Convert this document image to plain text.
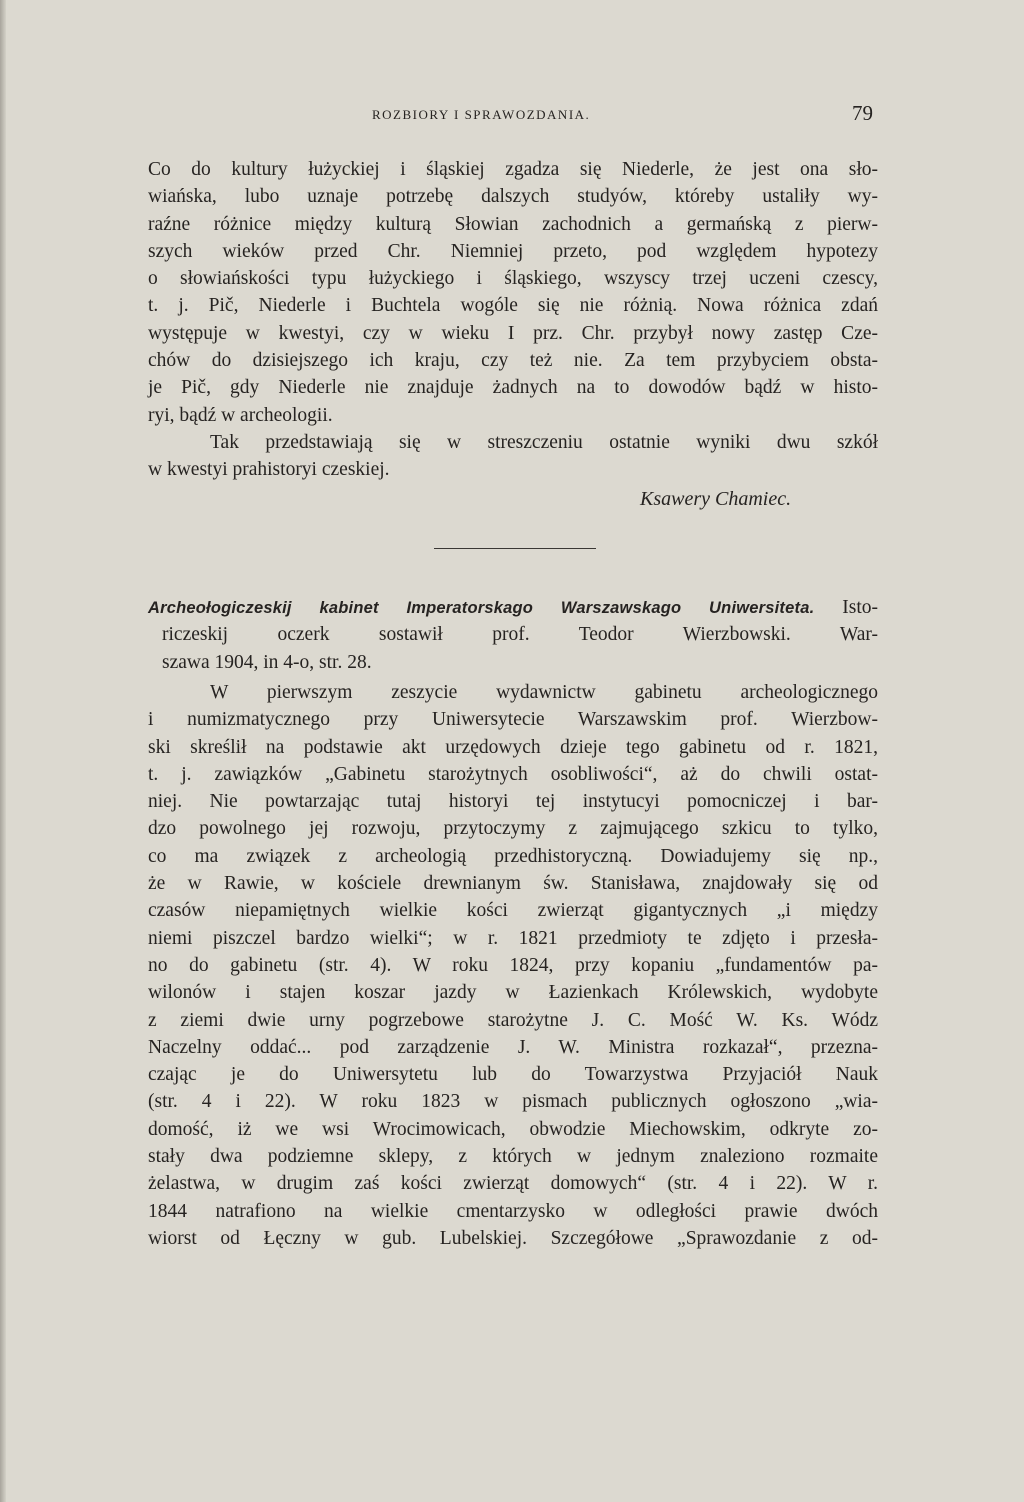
ROZBIORY I SPRAWOZDANIA.	79
Co do kultury łużyckiej i śląskiej zgadza się Niederle, że jest ona sło-
wiańska, lubo uznaje potrzebę dalszych studyów, któreby ustaliły wy-
raźne różnice między kulturą Słowian zachodnich a germańską z pierw-
szych wieków przed Chr. Niemniej przeto, pod względem hypotezy
o słowiańskości typu łużyckiego i śląskiego, wszyscy trzej uczeni czescy,
t. j. Pič, Niederle i Buchtela wogóle się nie różnią. Nowa różnica zdań
występuje w kwestyi, czy w wieku I prz. Chr. przybył nowy zastęp Cze-
chów do dzisiejszego ich kraju, czy też nie. Za tem przybyciem obsta-
je Pič, gdy Niederle nie znajduje żadnych na to dowodów bądź w histo-
ryi, bądź w archeologii.
Tak przedstawiają się w streszczeniu ostatnie wyniki dwu szkół
w kwestyi prahistoryi czeskiej.
Ksawery Chamiec.
Archeołogiczeskij kabinet Imperatorskago Warszawskago Uniwersiteta. Isto-
riczeskij oczerk sostawił prof. Teodor Wierzbowski. War-
szawa 1904, in 4-o, str. 28.
W pierwszym zeszycie wydawnictw gabinetu archeologicznego
i numizmatycznego przy Uniwersytecie Warszawskim prof. Wierzbow-
ski skreślił na podstawie akt urzędowych dzieje tego gabinetu od r. 1821,
t. j. zawiązków „Gabinetu starożytnych osobliwości“, aż do chwili ostat-
niej. Nie powtarzając tutaj historyi tej instytucyi pomocniczej i bar-
dzo powolnego jej rozwoju, przytoczymy z zajmującego szkicu to tylko,
co ma związek z archeologią przedhistoryczną. Dowiadujemy się np.,
że w Rawie, w kościele drewnianym św. Stanisława, znajdowały się od
czasów niepamiętnych wielkie kości zwierząt gigantycznych „i między
niemi piszczel bardzo wielki“; w r. 1821 przedmioty te zdjęto i przesła-
no do gabinetu (str. 4). W roku 1824, przy kopaniu „fundamentów pa-
wilonów i stajen koszar jazdy w Łazienkach Królewskich, wydobyte
z ziemi dwie urny pogrzebowe starożytne J. C. Mość W. Ks. Wódz
Naczelny oddać... pod zarządzenie J. W. Ministra rozkazał“, przezna-
czając je do Uniwersytetu lub do Towarzystwa Przyjaciół Nauk
(str. 4 i 22). W roku 1823 w pismach publicznych ogłoszono „wia-
domość, iż we wsi Wrocimowicach, obwodzie Miechowskim, odkryte zo-
stały dwa podziemne sklepy, z których w jednym znaleziono rozmaite
żelastwa, w drugim zaś kości zwierząt domowych“ (str. 4 i 22). W r.
1844 natrafiono na wielkie cmentarzysko w odległości prawie dwóch
wiorst od Łęczny w gub. Lubelskiej. Szczegółowe „Sprawozdanie z od-
